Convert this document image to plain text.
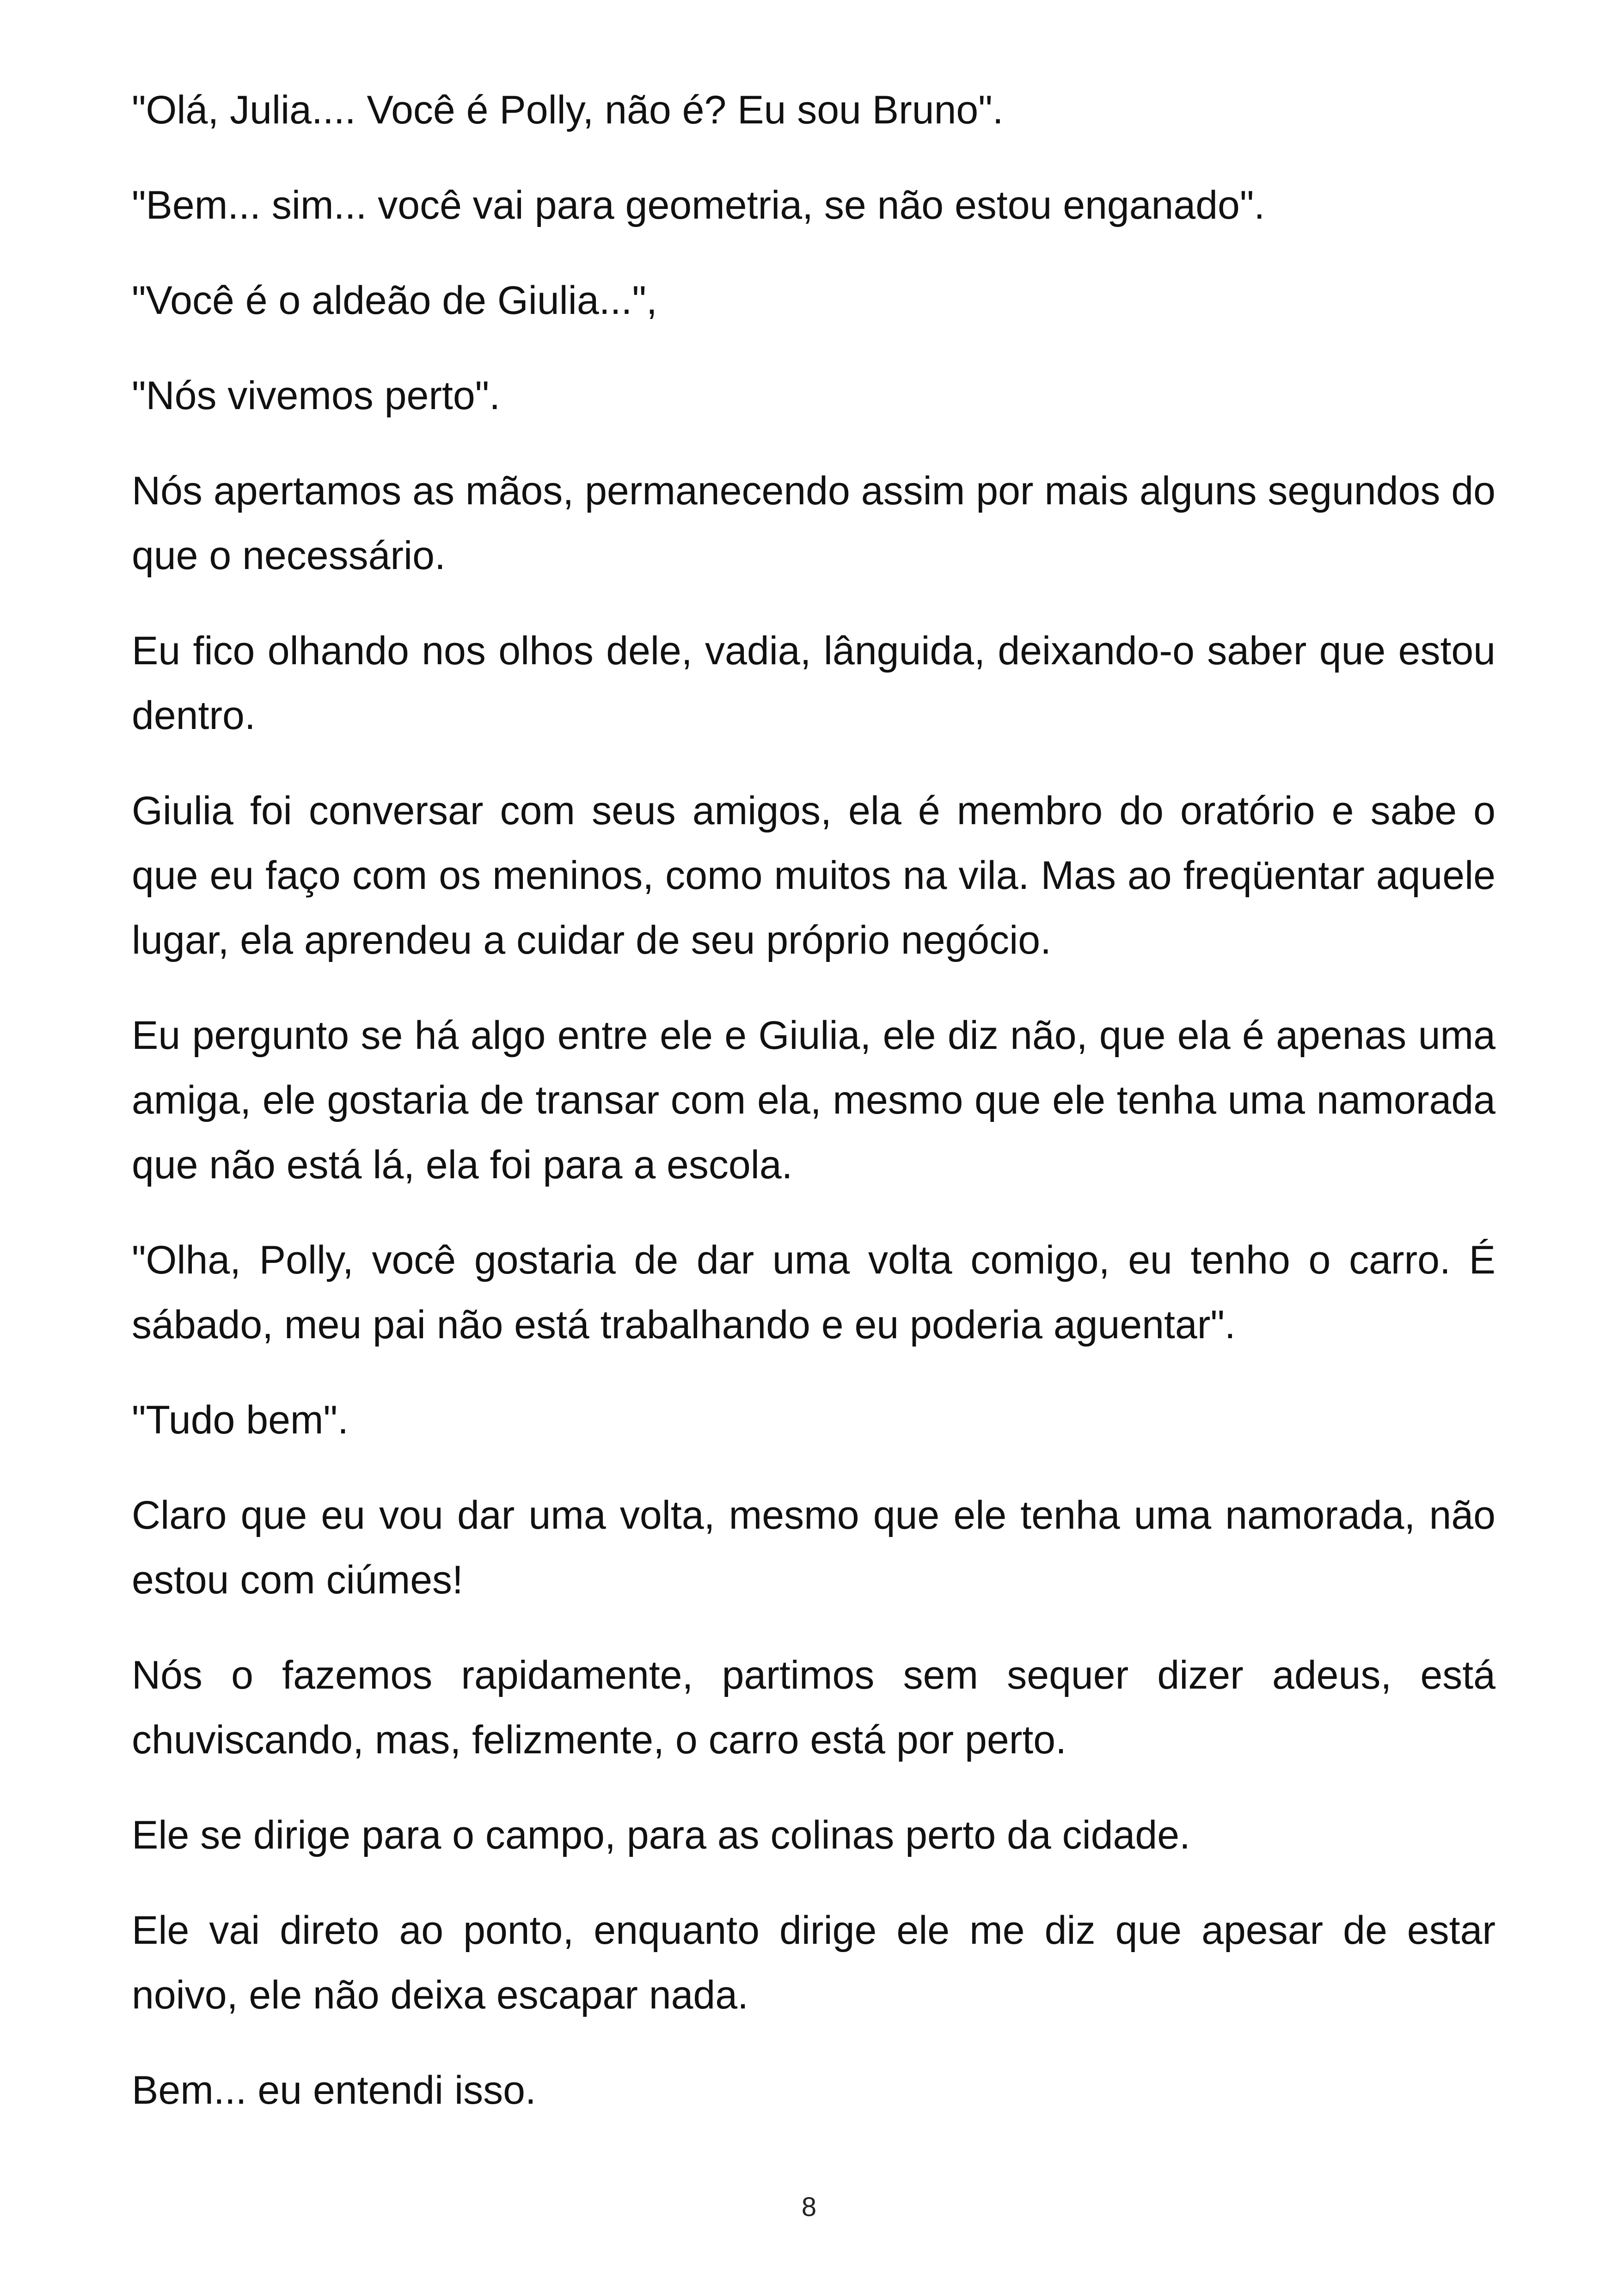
"Olá, Julia.... Você é Polly, não é? Eu sou Bruno".

"Bem... sim... você vai para geometria, se não estou enganado".

"Você é o aldeão de Giulia...",

"Nós vivemos perto".

Nós apertamos as mãos, permanecendo assim por mais alguns segundos do que o necessário.

Eu fico olhando nos olhos dele, vadia, lânguida, deixando-o saber que estou dentro.

Giulia foi conversar com seus amigos, ela é membro do oratório e sabe o que eu faço com os meninos, como muitos na vila. Mas ao freqüentar aquele lugar, ela aprendeu a cuidar de seu próprio negócio.

Eu pergunto se há algo entre ele e Giulia, ele diz não, que ela é apenas uma amiga, ele gostaria de transar com ela, mesmo que ele tenha uma namorada que não está lá, ela foi para a escola.

"Olha, Polly, você gostaria de dar uma volta comigo, eu tenho o carro. É sábado, meu pai não está trabalhando e eu poderia aguentar".

"Tudo bem".

Claro que eu vou dar uma volta, mesmo que ele tenha uma namorada, não estou com ciúmes!

Nós o fazemos rapidamente, partimos sem sequer dizer adeus, está chuviscando, mas, felizmente, o carro está por perto.

Ele se dirige para o campo, para as colinas perto da cidade.

Ele vai direto ao ponto, enquanto dirige ele me diz que apesar de estar noivo, ele não deixa escapar nada.

Bem... eu entendi isso.

8
